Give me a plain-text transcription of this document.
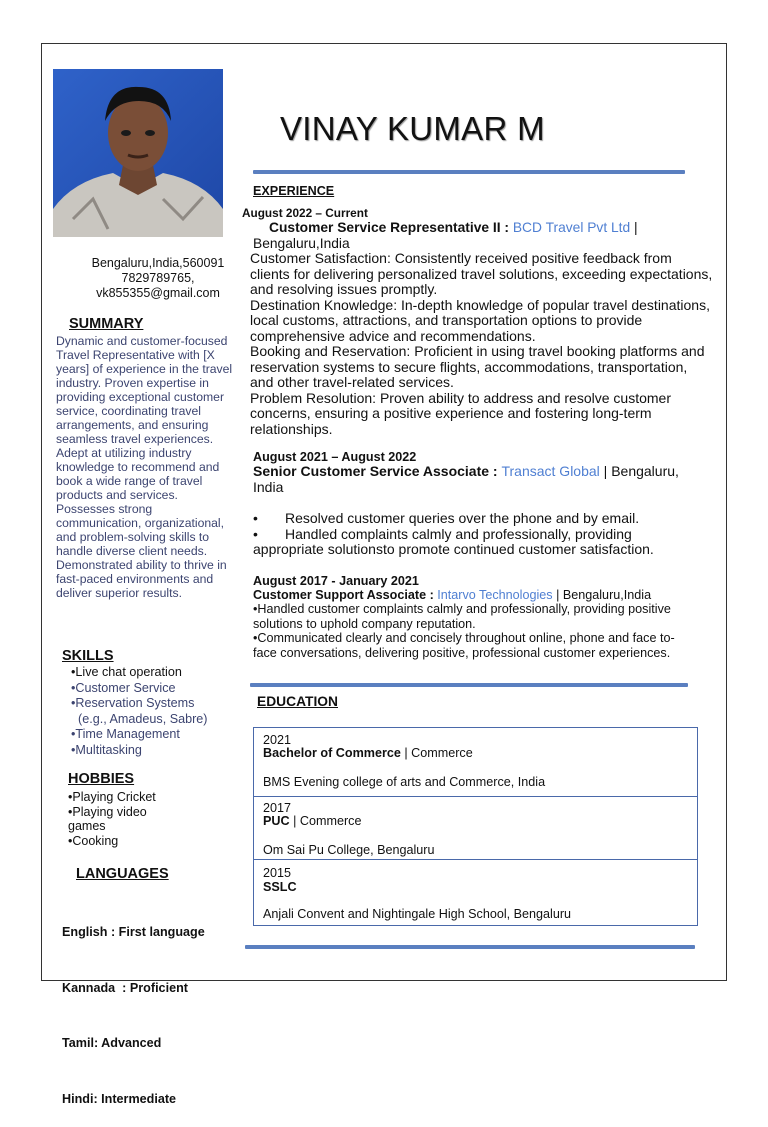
VINAY KUMAR M
Bengaluru,India,560091
7829789765,
vk855355@gmail.com
SUMMARY
Dynamic and customer-focused Travel Representative with [X years] of experience in the travel industry. Proven expertise in providing exceptional customer service, coordinating travel arrangements, and ensuring seamless travel experiences. Adept at utilizing industry knowledge to recommend and book a wide range of travel products and services. Possesses strong communication, organizational, and problem-solving skills to handle diverse client needs. Demonstrated ability to thrive in fast-paced environments and deliver superior results.
SKILLS
•Live chat operation
•Customer Service
•Reservation Systems
(e.g., Amadeus, Sabre)
•Time Management
•Multitasking
HOBBIES
•Playing Cricket
•Playing video games
•Cooking
LANGUAGES

English : First language

Kannada  : Proficient

Tamil: Advanced

Hindi: Intermediate

EXPERIENCE
August 2022 – Current
Customer Service Representative II : BCD Travel Pvt Ltd |
Bengaluru,India
Customer Satisfaction: Consistently received positive feedback from clients for delivering personalized travel solutions, exceeding expectations, and resolving issues promptly.
Destination Knowledge: In-depth knowledge of popular travel destinations, local customs, attractions, and transportation options to provide comprehensive advice and recommendations.
Booking and Reservation: Proficient in using travel booking platforms and reservation systems to secure flights, accommodations, transportation, and other travel-related services.
Problem Resolution: Proven ability to address and resolve customer concerns, ensuring a positive experience and fostering long-term relationships.
August 2021 – August 2022
Senior Customer Service Associate : Transact Global | Bengaluru, India
•	Resolved customer queries over the phone and by email.
• Handled complaints calmly and professionally, providing appropriate solutionsto promote continued customer satisfaction.
August 2017 - January 2021
Customer Support Associate : Intarvo Technologies | Bengaluru,India
•Handled customer complaints calmly and professionally, providing positive solutions to uphold company reputation.
•Communicated clearly and concisely throughout online, phone and face to-face conversations, delivering positive, professional customer experiences.
EDUCATION
2021
Bachelor of Commerce | Commerce
BMS Evening college of arts and Commerce, India
2017
PUC | Commerce
Om Sai Pu College, Bengaluru
2015
SSLC
Anjali Convent and Nightingale High School, Bengaluru
